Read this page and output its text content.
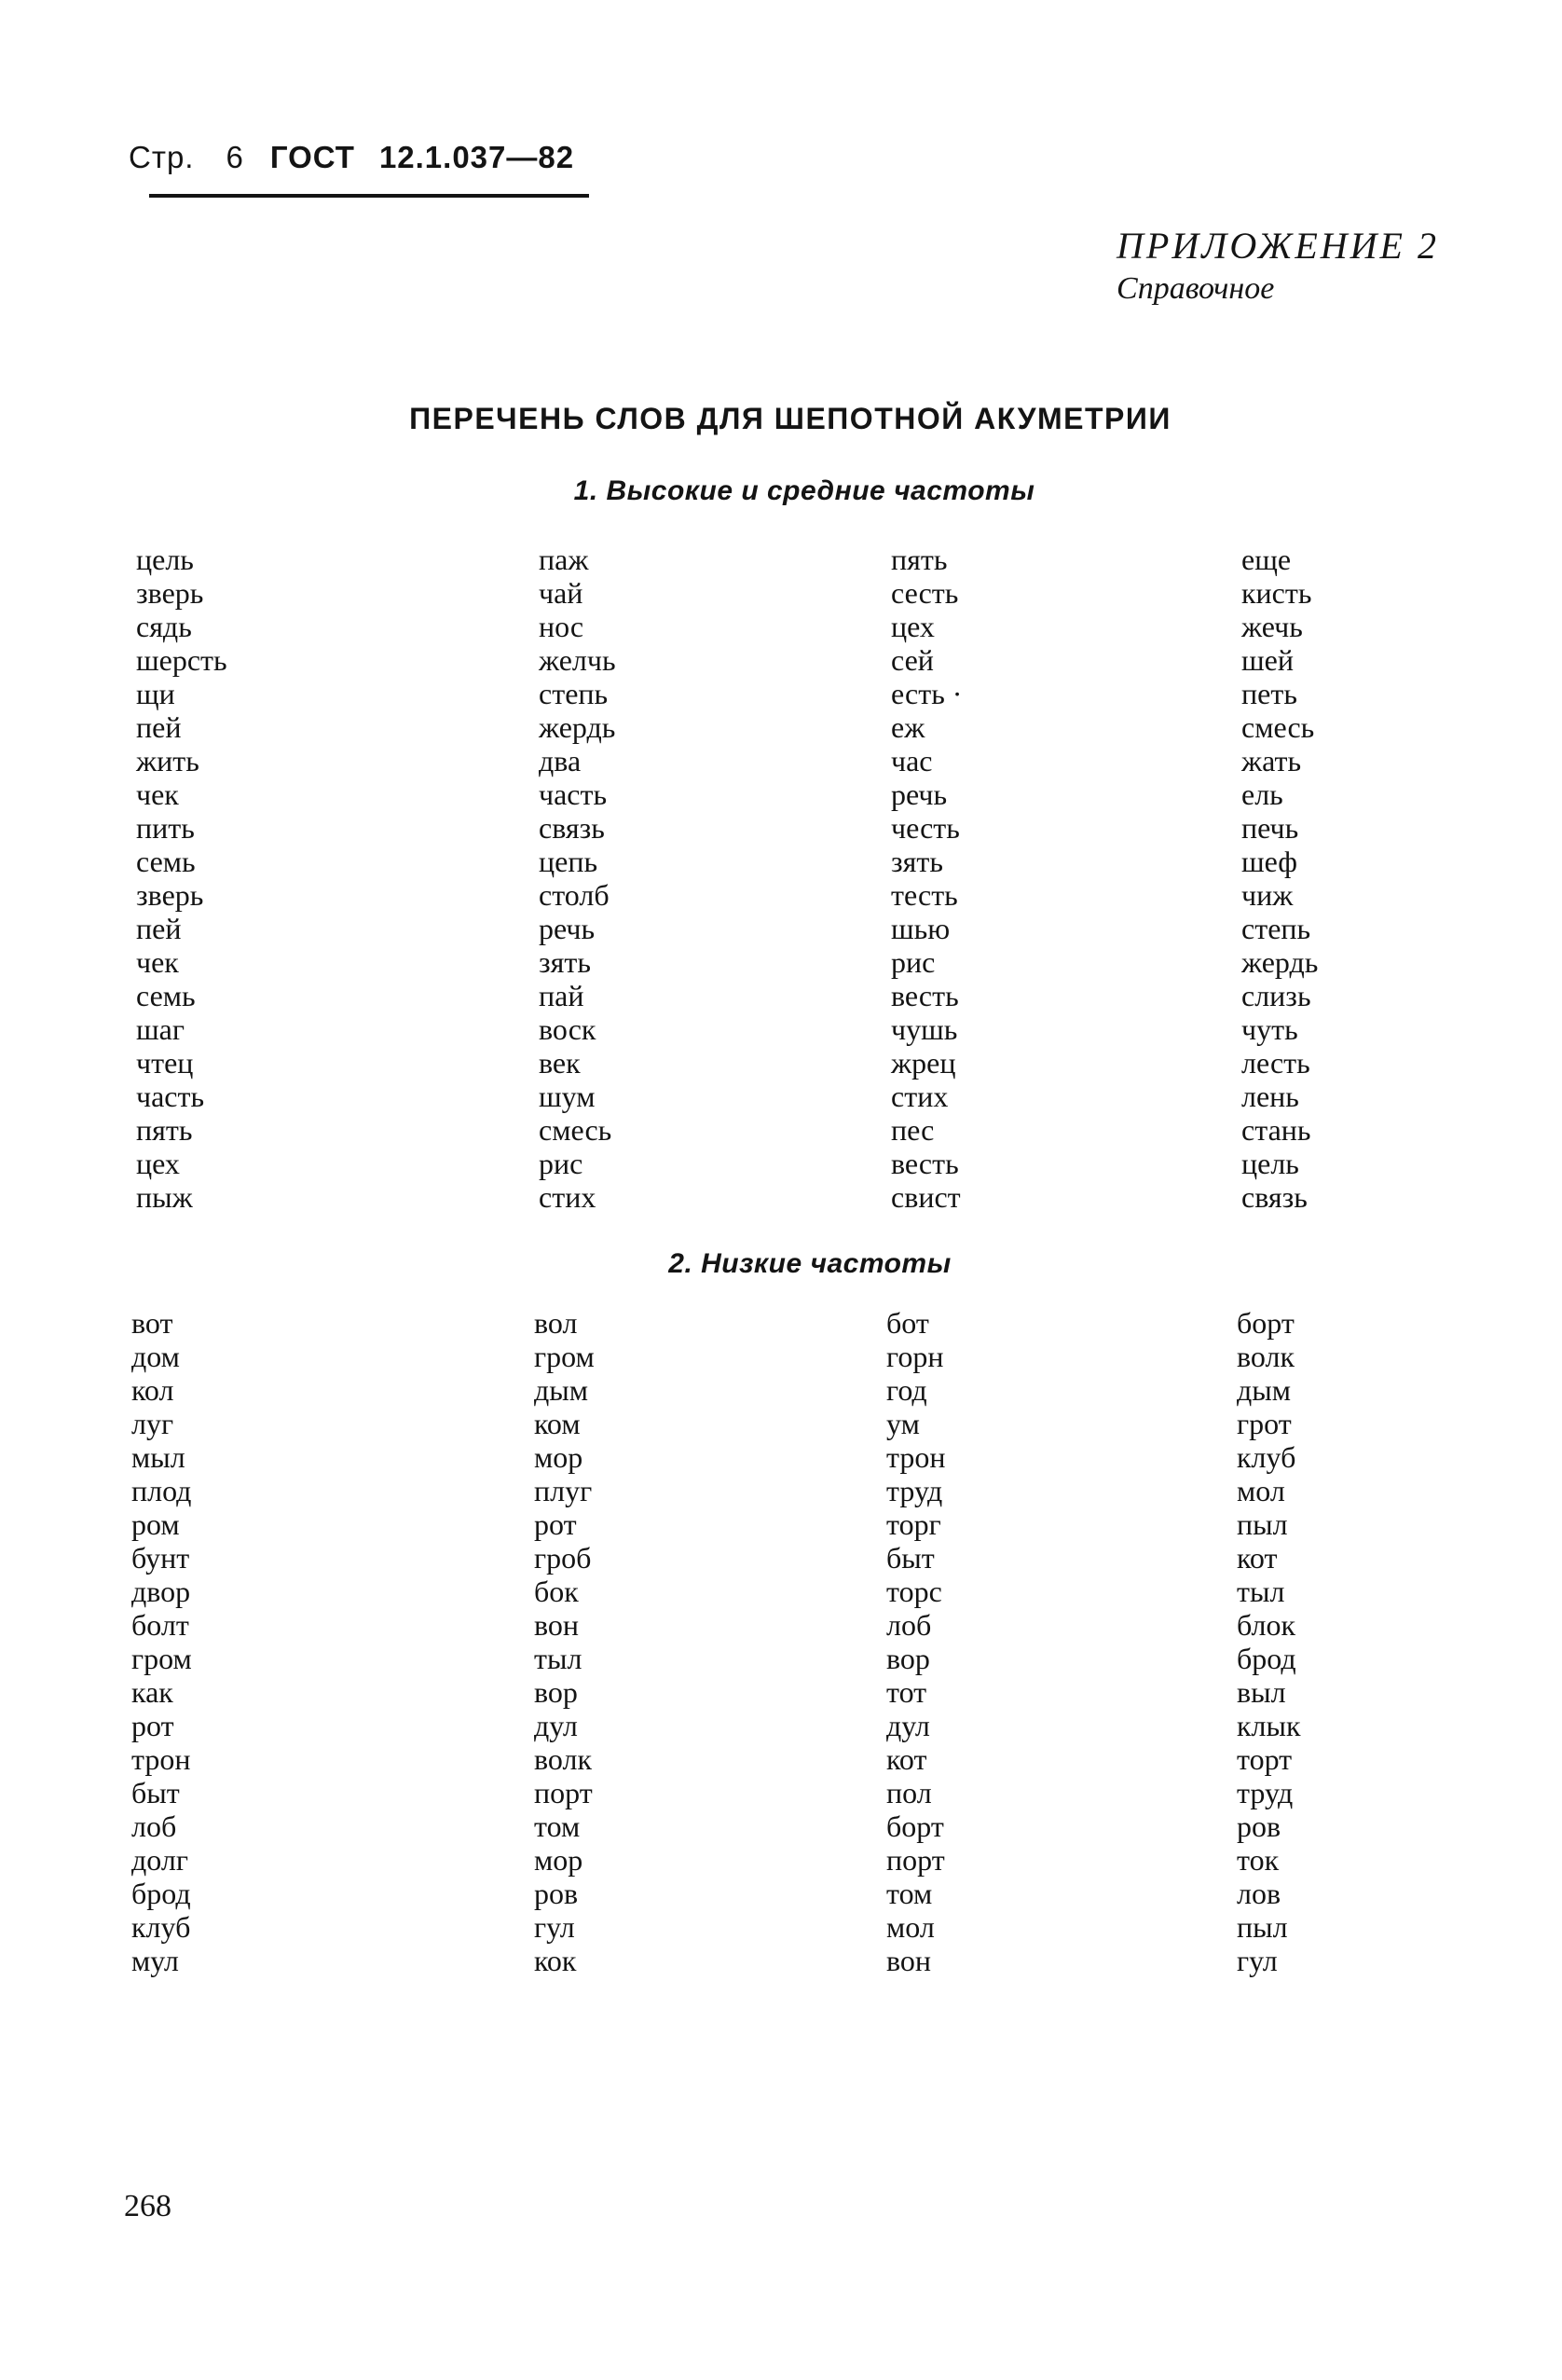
Стр. 6 ГОСТ 12.1.037—82
ПРИЛОЖЕНИЕ 2
Справочное
ПЕРЕЧЕНЬ СЛОВ ДЛЯ ШЕПОТНОЙ АКУМЕТРИИ
1. Высокие и средние частоты
цель
зверь
сядь
шерсть
щи
пей
жить
чек
пить
семь
зверь
пей
чек
семь
шаг
чтец
часть
пять
цех
пыж
паж
чай
нос
желчь
степь
жердь
два
часть
связь
цепь
столб
речь
зять
пай
воск
век
шум
смесь
рис
стих
пять
сесть
цех
сей
есть ·
еж
час
речь
честь
зять
тесть
шью
рис
весть
чушь
жрец
стих
пес
весть
свист
еще
кисть
жечь
шей
петь
смесь
жать
ель
печь
шеф
чиж
степь
жердь
слизь
чуть
лесть
лень
стань
цель
связь
2. Низкие частоты
вот
дом
кол
луг
мыл
плод
ром
бунт
двор
болт
гром
как
рот
трон
быт
лоб
долг
брод
клуб
мул
вол
гром
дым
ком
мор
плуг
рот
гроб
бок
вон
тыл
вор
дул
волк
порт
том
мор
ров
гул
кок
бот
горн
год
ум
трон
труд
торг
быт
торс
лоб
вор
тот
дул
кот
пол
борт
порт
том
мол
вон
борт
волк
дым
грот
клуб
мол
пыл
кот
тыл
блок
брод
выл
клык
торт
труд
ров
ток
лов
пыл
гул
268
